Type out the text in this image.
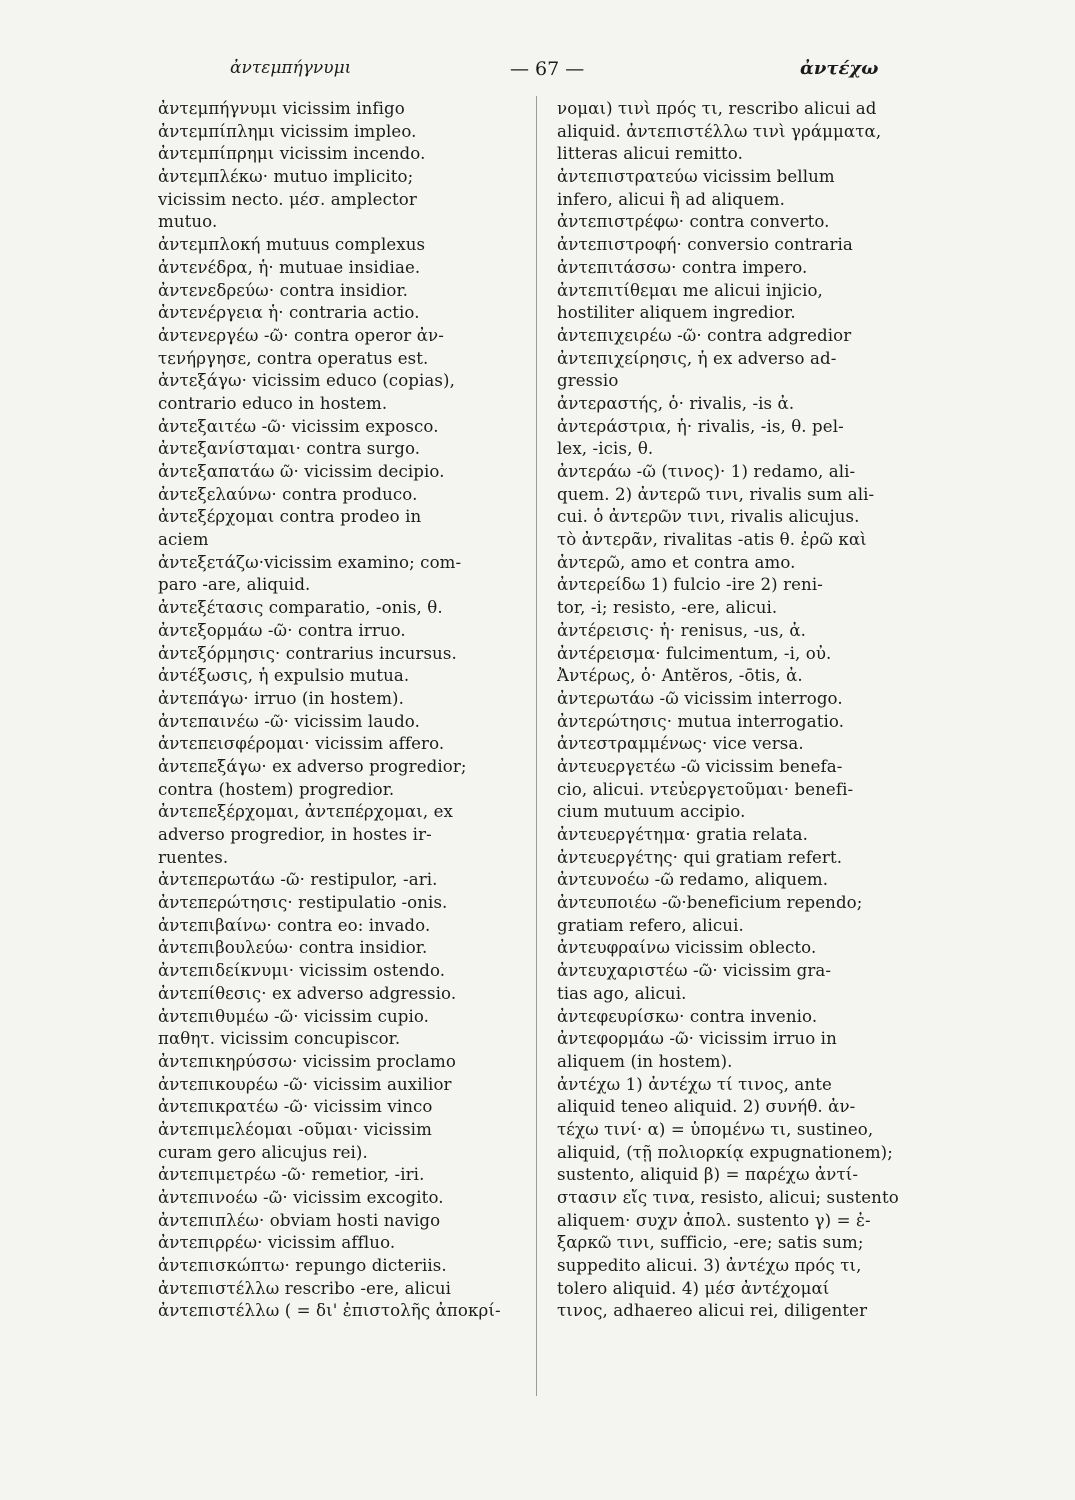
ἀντεμπήγνυμι	— 67 —	ἀντέχω
ἀντεμπήγνυμι vicissim infigo
ἀντεμπίπλημι vicissim impleo.
ἀντεμπίπρημι vicissim incendo.
ἀντεμπλέκω· mutuo implicito;
vicissim necto. μέσ. amplector
mutuo.
ἀντεμπλοκή mutuus complexus
ἀντενέδρα, ἡ· mutuae insidiae.
ἀντενεδρεύω· contra insidior.
ἀντενέργεια ἡ· contraria actio.
ἀντενεργέω -ῶ· contra operor ἀν-
τενήργησε, contra operatus est.
ἀντεξάγω· vicissim educo (copias),
contrario educo in hostem.
ἀντεξαιτέω -ῶ· vicissim exposco.
ἀντεξανίσταμαι· contra surgo.
ἀντεξαπατάω ῶ· vicissim decipio.
ἀντεξελαύνω· contra produco.
ἀντεξέρχομαι contra prodeo in
aciem
ἀντεξετάζω·vicissim examino; com-
paro -are, aliquid.
ἀντεξέτασις comparatio, -onis, θ.
ἀντεξορμάω -ῶ· contra irruo.
ἀντεξόρμησις· contrarius incursus.
ἀντέξωσις, ἡ expulsio mutua.
ἀντεπάγω· irruo (in hostem).
ἀντεπαινέω -ῶ· vicissim laudo.
ἀντεπεισφέρομαι· vicissim affero.
ἀντεπεξάγω· ex adverso progredior;
contra (hostem) progredior.
ἀντεπεξέρχομαι, ἀντεπέρχομαι, ex
adverso progredior, in hostes ir-
ruentes.
ἀντεπερωτάω -ῶ· restipulor, -ari.
ἀντεπερώτησις· restipulatio -onis.
ἀντεπιβαίνω· contra eo: invado.
ἀντεπιβουλεύω· contra insidior.
ἀντεπιδείκνυμι· vicissim ostendo.
ἀντεπίθεσις· ex adverso adgressio.
ἀντεπιθυμέω -ῶ· vicissim cupio.
παθητ. vicissim concupiscor.
ἀντεπικηρύσσω· vicissim proclamo
ἀντεπικουρέω -ῶ· vicissim auxilior
ἀντεπικρατέω -ῶ· vicissim vinco
ἀντεπιμελέομαι -οῦμαι· vicissim
curam gero alicujus rei).
ἀντεπιμετρέω -ῶ· remetior, -iri.
ἀντεπινοέω -ῶ· vicissim excogito.
ἀντεπιπλέω· obviam hosti navigo
ἀντεπιρρέω· vicissim affluo.
ἀντεπισκώπτω· repungo dicteriis.
ἀντεπιστέλλω rescribo -ere, alicui
ἀντεπιστέλλω ( = δι' ἐπιστολῆς ἀποκρί-
νομαι) τινὶ πρός τι, rescribo alicui ad
aliquid. ἀντεπιστέλλω τινὶ γράμματα,
litteras alicui remitto.
ἀντεπιστρατεύω vicissim bellum
infero, alicui ἢ ad aliquem.
ἀντεπιστρέφω· contra converto.
ἀντεπιστροφή· conversio contraria
ἀντεπιτάσσω· contra impero.
ἀντεπιτίθεμαι me alicui injicio,
hostiliter aliquem ingredior.
ἀντεπιχειρέω -ῶ· contra adgredior
ἀντεπιχείρησις, ἡ ex adverso ad-
gressio
ἀντεραστής, ὁ· rivalis, -is ἀ.
ἀντεράστρια, ἡ· rivalis, -is, θ. pel-
lex, -icis, θ.
ἀντεράω -ῶ (τινος)· 1) redamo, ali-
quem. 2) ἀντερῶ τινι, rivalis sum ali-
cui. ὁ ἀντερῶν τινι, rivalis alicujus.
τὸ ἀντερᾶν, rivalitas -atis θ. ἐρῶ καὶ
ἀντερῶ, amo et contra amo.
ἀντερείδω 1) fulcio -ire 2) reni-
tor, -i; resisto, -ere, alicui.
ἀντέρεισις· ἡ· renisus, -us, ἀ.
ἀντέρεισμα· fulcimentum, -i, οὐ.
Ἀντέρως, ὁ· Antĕros, -ōtis, ἀ.
ἀντερωτάω -ῶ vicissim interrogo.
ἀντερώτησις· mutua interrogatio.
ἀντεστραμμένως· vice versa.
ἀντευεργετέω -ῶ vicissim benefa-
cio, alicui. ντεὐεργετοῦμαι· benefi-
cium mutuum accipio.
ἀντευεργέτημα· gratia relata.
ἀντευεργέτης· qui gratiam refert.
ἀντευνοέω -ῶ redamo, aliquem.
ἀντευποιέω -ῶ·beneficium rependo;
gratiam refero, alicui.
ἀντευφραίνω vicissim oblecto.
ἀντευχαριστέω -ῶ· vicissim gra-
tias ago, alicui.
ἀντεφευρίσκω· contra invenio.
ἀντεφορμάω -ῶ· vicissim irruo in
aliquem (in hostem).
ἀντέχω 1) ἀντέχω τί τινος, ante
aliquid teneo aliquid. 2) συνήθ. ἀν-
τέχω τινί· α) = ὑπομένω τι, sustineo,
aliquid, (τῇ πολιορκίᾳ expugnationem);
sustento, aliquid β) = παρέχω ἀντί-
στασιν εἴς τινα, resisto, alicui; sustento
aliquem· συχν ἀπολ. sustento γ) = ἐ-
ξαρκῶ τινι, sufficio, -ere; satis sum;
suppedito alicui. 3) ἀντέχω πρός τι,
tolero aliquid. 4) μέσ ἀντέχομαί
τινος, adhaereo alicui rei, diligenter
